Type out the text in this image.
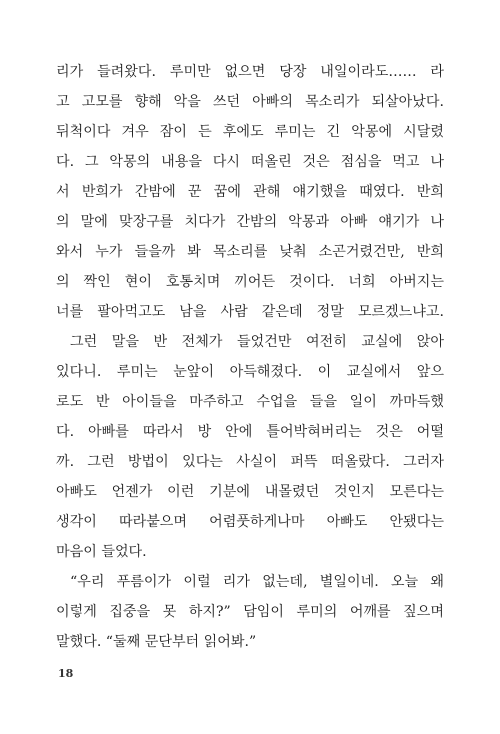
리가 들려왔다. 루미만 없으면 당장 내일이라도…… 라
고 고모를 향해 악을 쓰던 아빠의 목소리가 되살아났다.
뒤척이다 겨우 잠이 든 후에도 루미는 긴 악몽에 시달렸
다. 그 악몽의 내용을 다시 떠올린 것은 점심을 먹고 나
서 반희가 간밤에 꾼 꿈에 관해 얘기했을 때였다. 반희
의 말에 맞장구를 치다가 간밤의 악몽과 아빠 얘기가 나
와서 누가 들을까 봐 목소리를 낮춰 소곤거렸건만, 반희
의 짝인 현이 호통치며 끼어든 것이다. 너희 아버지는
너를 팔아먹고도 남을 사람 같은데 정말 모르겠느냐고.
그런 말을 반 전체가 들었건만 여전히 교실에 앉아
있다니. 루미는 눈앞이 아득해졌다. 이 교실에서 앞으
로도 반 아이들을 마주하고 수업을 들을 일이 까마득했
다. 아빠를 따라서 방 안에 틀어박혀버리는 것은 어떨
까. 그런 방법이 있다는 사실이 퍼뜩 떠올랐다. 그러자
아빠도 언젠가 이런 기분에 내몰렸던 것인지 모른다는
생각이 따라붙으며 어렴풋하게나마 아빠도 안됐다는
마음이 들었다.
“우리 푸름이가 이럴 리가 없는데, 별일이네. 오늘 왜
이렇게 집중을 못 하지?” 담임이 루미의 어깨를 짚으며
말했다. “둘째 문단부터 읽어봐.”
18
